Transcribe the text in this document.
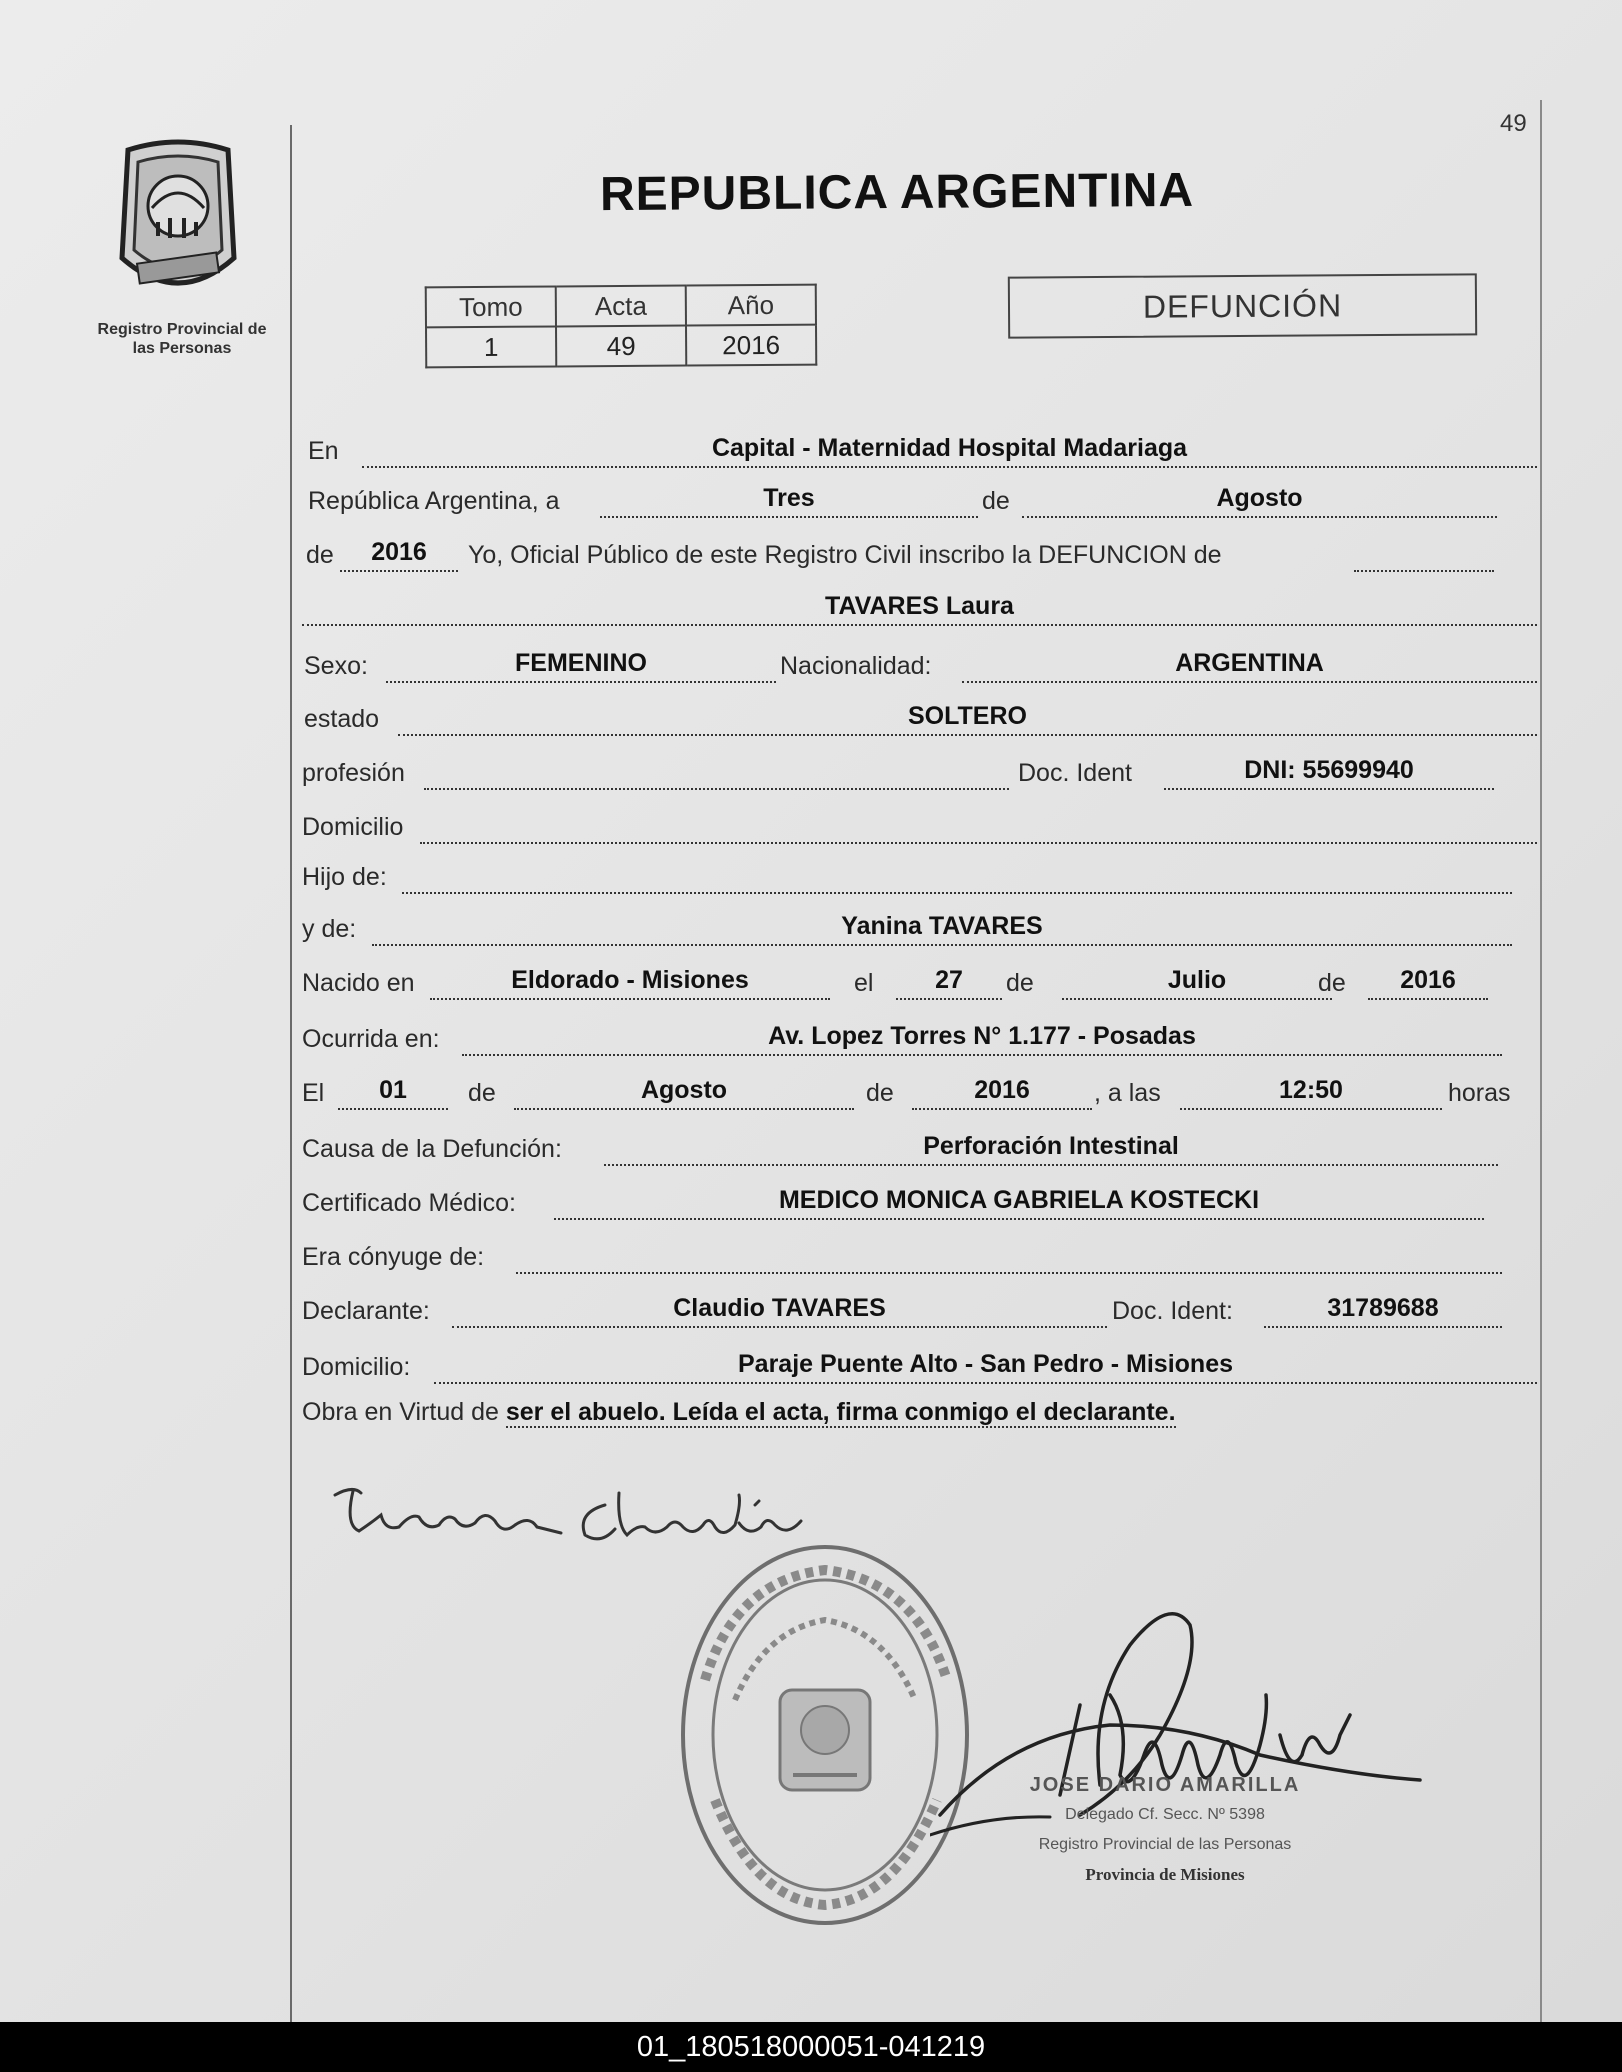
49
Registro Provincial de
las Personas
REPUBLICA ARGENTINA
Tomo	Acta	Año
1	49	2016
DEFUNCIÓN
En	Capital - Maternidad Hospital Madariaga
República Argentina, a	Tres	de	Agosto
de	2016	Yo, Oficial Público de este Registro Civil inscribo la DEFUNCION de
TAVARES Laura
Sexo:	FEMENINO	Nacionalidad:	ARGENTINA
estado	SOLTERO
profesión	Doc. Ident	DNI: 55699940
Domicilio
Hijo de:
y de:	Yanina TAVARES
Nacido en	Eldorado - Misiones	el	27	de	Julio	de	2016
Ocurrida en:	Av. Lopez Torres N° 1.177 - Posadas
El	01	de	Agosto	de	2016	, a las	12:50	horas
Causa de la Defunción:	Perforación Intestinal
Certificado Médico:	MEDICO MONICA GABRIELA KOSTECKI
Era cónyuge de:
Declarante:	Claudio TAVARES	Doc. Ident:	31789688
Domicilio:	Paraje Puente Alto - San Pedro - Misiones
Obra en Virtud de ser el abuelo. Leída el acta, firma conmigo el declarante.
JOSE DARIO AMARILLA
Delegado Cf. Secc. Nº 5398
Registro Provincial de las Personas
Provincia de Misiones
01_180518000051-041219
